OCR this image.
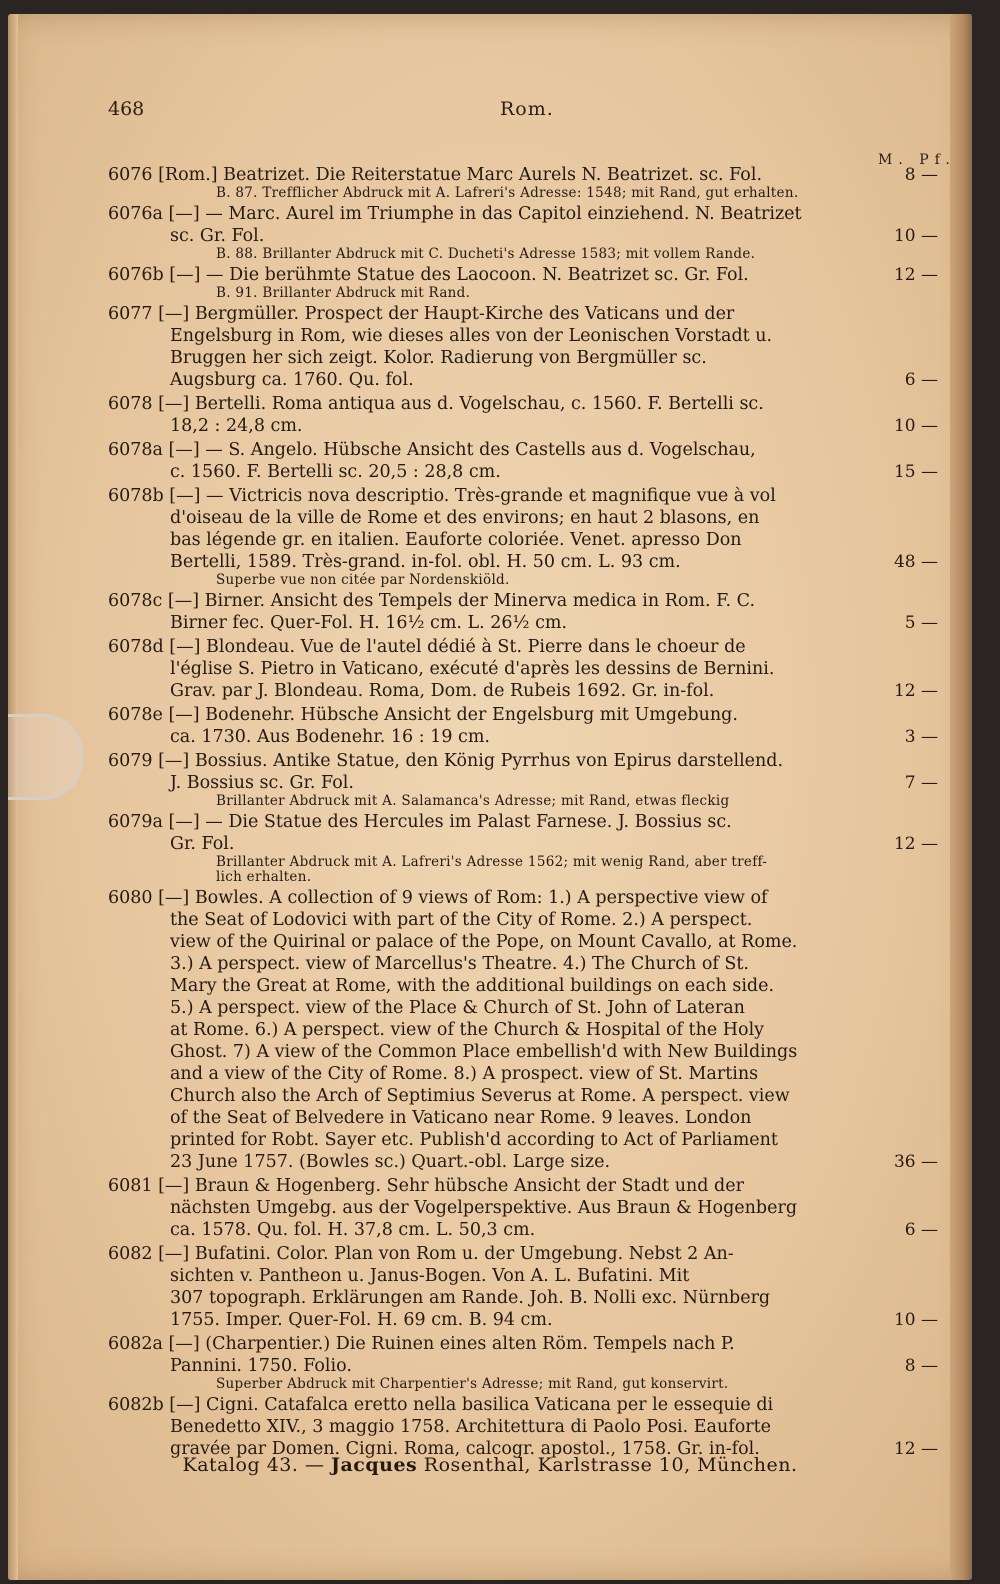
468	Rom.
M. Pf.
6076 [Rom.] Beatrizet. Die Reiterstatue Marc Aurels N. Beatrizet. sc. Fol.	8 —
B. 87. Trefflicher Abdruck mit A. Lafreri's Adresse: 1548; mit Rand, gut erhalten.
6076a [—] — Marc. Aurel im Triumphe in das Capitol einziehend. N. Beatrizet
sc. Gr. Fol.	10 —
B. 88. Brillanter Abdruck mit C. Ducheti's Adresse 1583; mit vollem Rande.
6076b [—] — Die berühmte Statue des Laocoon. N. Beatrizet sc. Gr. Fol.	12 —
B. 91. Brillanter Abdruck mit Rand.
6077 [—] Bergmüller. Prospect der Haupt-Kirche des Vaticans und der
Engelsburg in Rom, wie dieses alles von der Leonischen Vorstadt u.
Bruggen her sich zeigt. Kolor. Radierung von Bergmüller sc.
Augsburg ca. 1760. Qu. fol.	6 —
6078 [—] Bertelli. Roma antiqua aus d. Vogelschau, c. 1560. F. Bertelli sc.
18,2 : 24,8 cm.	10 —
6078a [—] — S. Angelo. Hübsche Ansicht des Castells aus d. Vogelschau,
c. 1560. F. Bertelli sc. 20,5 : 28,8 cm.	15 —
6078b [—] — Victricis nova descriptio. Très-grande et magnifique vue à vol
d'oiseau de la ville de Rome et des environs; en haut 2 blasons, en
bas légende gr. en italien. Eauforte coloriée. Venet. apresso Don
Bertelli, 1589. Très-grand. in-fol. obl. H. 50 cm. L. 93 cm.	48 —
Superbe vue non citée par Nordenskiöld.
6078c [—] Birner. Ansicht des Tempels der Minerva medica in Rom. F. C.
Birner fec. Quer-Fol. H. 16½ cm. L. 26½ cm.	5 —
6078d [—] Blondeau. Vue de l'autel dédié à St. Pierre dans le choeur de
l'église S. Pietro in Vaticano, exécuté d'après les dessins de Bernini.
Grav. par J. Blondeau. Roma, Dom. de Rubeis 1692. Gr. in-fol.	12 —
6078e [—] Bodenehr. Hübsche Ansicht der Engelsburg mit Umgebung.
ca. 1730. Aus Bodenehr. 16 : 19 cm.	3 —
6079 [—] Bossius. Antike Statue, den König Pyrrhus von Epirus darstellend.
J. Bossius sc. Gr. Fol.	7 —
Brillanter Abdruck mit A. Salamanca's Adresse; mit Rand, etwas fleckig
6079a [—] — Die Statue des Hercules im Palast Farnese. J. Bossius sc.
Gr. Fol.	12 —
Brillanter Abdruck mit A. Lafreri's Adresse 1562; mit wenig Rand, aber treff-
lich erhalten.
6080 [—] Bowles. A collection of 9 views of Rom: 1.) A perspective view of
the Seat of Lodovici with part of the City of Rome. 2.) A perspect.
view of the Quirinal or palace of the Pope, on Mount Cavallo, at Rome.
3.) A perspect. view of Marcellus's Theatre. 4.) The Church of St.
Mary the Great at Rome, with the additional buildings on each side.
5.) A perspect. view of the Place & Church of St. John of Lateran
at Rome. 6.) A perspect. view of the Church & Hospital of the Holy
Ghost. 7) A view of the Common Place embellish'd with New Buildings
and a view of the City of Rome. 8.) A prospect. view of St. Martins
Church also the Arch of Septimius Severus at Rome. A perspect. view
of the Seat of Belvedere in Vaticano near Rome. 9 leaves. London
printed for Robt. Sayer etc. Publish'd according to Act of Parliament
23 June 1757. (Bowles sc.) Quart.-obl. Large size.	36 —
6081 [—] Braun & Hogenberg. Sehr hübsche Ansicht der Stadt und der
nächsten Umgebg. aus der Vogelperspektive. Aus Braun & Hogenberg
ca. 1578. Qu. fol. H. 37,8 cm. L. 50,3 cm.	6 —
6082 [—] Bufatini. Color. Plan von Rom u. der Umgebung. Nebst 2 An-
sichten v. Pantheon u. Janus-Bogen. Von A. L. Bufatini. Mit
307 topograph. Erklärungen am Rande. Joh. B. Nolli exc. Nürnberg
1755. Imper. Quer-Fol. H. 69 cm. B. 94 cm.	10 —
6082a [—] (Charpentier.) Die Ruinen eines alten Röm. Tempels nach P.
Pannini. 1750. Folio.	8 —
Superber Abdruck mit Charpentier's Adresse; mit Rand, gut konservirt.
6082b [—] Cigni. Catafalca eretto nella basilica Vaticana per le essequie di
Benedetto XIV., 3 maggio 1758. Architettura di Paolo Posi. Eauforte
gravée par Domen. Cigni. Roma, calcogr. apostol., 1758. Gr. in-fol.	12 —
Katalog 43. — Jacques Rosenthal, Karlstrasse 10, München.
